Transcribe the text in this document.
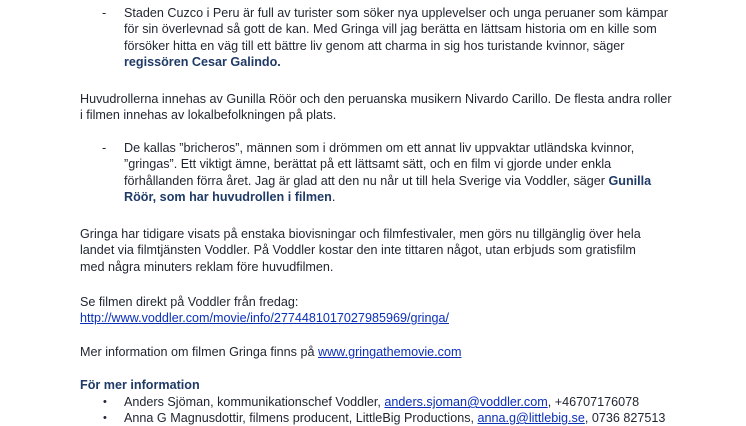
- Staden Cuzco i Peru är full av turister som söker nya upplevelser och unga peruaner som kämpar
för sin överlevnad så gott de kan. Med Gringa vill jag berätta en lättsam historia om en kille som
försöker hitta en väg till ett bättre liv genom att charma in sig hos turistande kvinnor, säger
regissören Cesar Galindo.
Huvudrollerna innehas av Gunilla Röör och den peruanska musikern Nivardo Carillo. De flesta andra roller
i filmen innehas av lokalbefolkningen på plats.
- De kallas ”bricheros”, männen som i drömmen om ett annat liv uppvaktar utländska kvinnor,
”gringas”. Ett viktigt ämne, berättat på ett lättsamt sätt, och en film vi gjorde under enkla
förhållanden förra året. Jag är glad att den nu når ut till hela Sverige via Voddler, säger Gunilla
Röör, som har huvudrollen i filmen.
Gringa har tidigare visats på enstaka biovisningar och filmfestivaler, men görs nu tillgänglig över hela
landet via filmtjänsten Voddler. På Voddler kostar den inte tittaren något, utan erbjuds som gratisfilm
med några minuters reklam före huvudfilmen.
Se filmen direkt på Voddler från fredag:
http://www.voddler.com/movie/info/277448101702798596​9/gringa/
Mer information om filmen Gringa finns på www.gringathemovie.com
För mer information
• Anders Sjöman, kommunikationschef Voddler, anders.sjoman@voddler.com, +46707176078
• Anna G Magnusdottir, filmens producent, LittleBig Productions, anna.g@littlebig.se, 0736 827513
